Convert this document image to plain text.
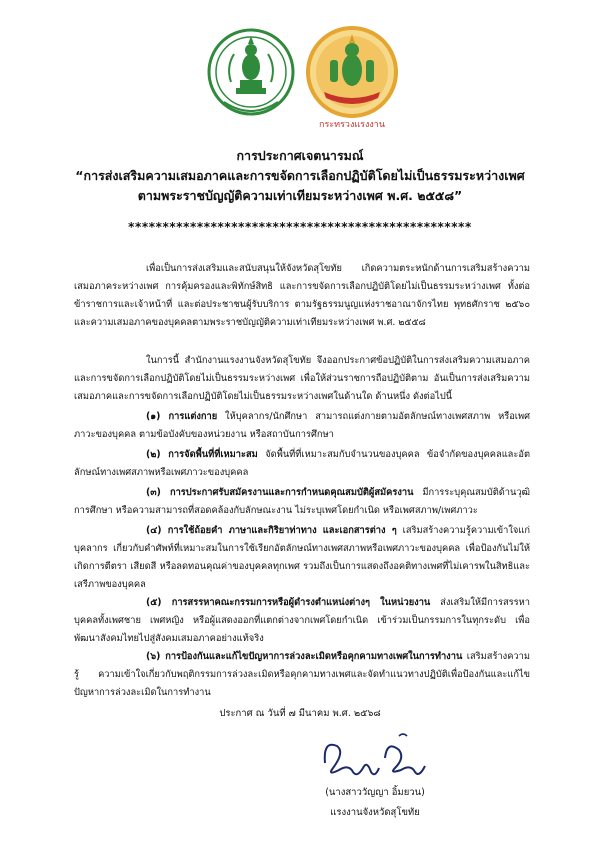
กระทรวงแรงงาน

การประกาศเจตนารมณ์

“การส่งเสริมความเสมอภาคและการขจัดการเลือกปฏิบัติโดยไม่เป็นธรรมระหว่างเพศ

ตามพระราชบัญญัติความเท่าเทียมระหว่างเพศ พ.ศ. ๒๕๕๘”

**************************************************
เพื่อเป็นการส่งเสริมและสนับสนุนให้จังหวัดสุโขทัย เกิดความตระหนักด้านการเสริมสร้างความเสมอภาคระหว่างเพศ การคุ้มครองและพิทักษ์สิทธิ และการขจัดการเลือกปฏิบัติโดยไม่เป็นธรรมระหว่างเพศ ทั้งต่อข้าราชการและเจ้าหน้าที่ และต่อประชาชนผู้รับบริการ ตามรัฐธรรมนูญแห่งราชอาณาจักรไทย พุทธศักราช ๒๕๖๐ และความเสมอภาคของบุคคลตามพระราชบัญญัติความเท่าเทียมระหว่างเพศ พ.ศ. ๒๕๕๘
ในการนี้ สำนักงานแรงงานจังหวัดสุโขทัย จึงออกประกาศข้อปฏิบัติในการส่งเสริมความเสมอภาคและการขจัดการเลือกปฏิบัติโดยไม่เป็นธรรมระหว่างเพศ เพื่อให้ส่วนราชการถือปฏิบัติตาม อันเป็นการส่งเสริมความเสมอภาคและการขจัดการเลือกปฏิบัติโดยไม่เป็นธรรมระหว่างเพศในด้านใด ด้านหนึ่ง ดังต่อไปนี้
(๑) การแต่งกาย ให้บุคลากร/นักศึกษา สามารถแต่งกายตามอัตลักษณ์ทางเพศสภาพ หรือเพศภาวะของบุคคล ตามข้อบังคับของหน่วยงาน หรือสถาบันการศึกษา
(๒) การจัดพื้นที่ที่เหมาะสม จัดพื้นที่ที่เหมาะสมกับจำนวนของบุคคล ข้อจำกัดของบุคคลและอัตลักษณ์ทางเพศสภาพหรือเพศภาวะของบุคคล
(๓) การประกาศรับสมัครงานและการกำหนดคุณสมบัติผู้สมัครงาน มีการระบุคุณสมบัติด้านวุฒิการศึกษา หรือความสามารถที่สอดคล้องกับลักษณะงาน ไม่ระบุเพศโดยกำเนิด หรือเพศสภาพ/เพศภาวะ
(๔) การใช้ถ้อยคำ ภาษาและกิริยาท่าทาง และเอกสารต่าง ๆ เสริมสร้างความรู้ความเข้าใจแก่บุคลากร เกี่ยวกับคำศัพท์ที่เหมาะสมในการใช้เรียกอัตลักษณ์ทางเพศสภาพหรือเพศภาวะของบุคคล เพื่อป้องกันไม่ให้เกิดการตีตรา เสียดสี หรือลดทอนคุณค่าของบุคคลทุกเพศ รวมถึงเป็นการแสดงถึงอคติทางเพศที่ไม่เคารพในสิทธิและเสรีภาพของบุคคล
(๕) การสรรหาคณะกรรมการหรือผู้ดำรงตำแหน่งต่างๆ ในหน่วยงาน ส่งเสริมให้มีการสรรหาบุคคลทั้งเพศชาย เพศหญิง หรือผู้แสดงออกที่แตกต่างจากเพศโดยกำเนิด เข้าร่วมเป็นกรรมการในทุกระดับ เพื่อพัฒนาสังคมไทยไปสู่สังคมเสมอภาคอย่างแท้จริง
(๖) การป้องกันและแก้ไขปัญหาการล่วงละเมิดหรือคุกคามทางเพศในการทำงาน เสริมสร้างความรู้ ความเข้าใจเกี่ยวกับพฤติกรรมการล่วงละเมิดหรือคุกคามทางเพศและจัดทำแนวทางปฏิบัติเพื่อป้องกันและแก้ไขปัญหาการล่วงละเมิดในการทำงาน
ประกาศ ณ วันที่ ๗ มีนาคม พ.ศ. ๒๕๖๘
(นางสาววัญญา อิ้มยวน)
แรงงานจังหวัดสุโขทัย
